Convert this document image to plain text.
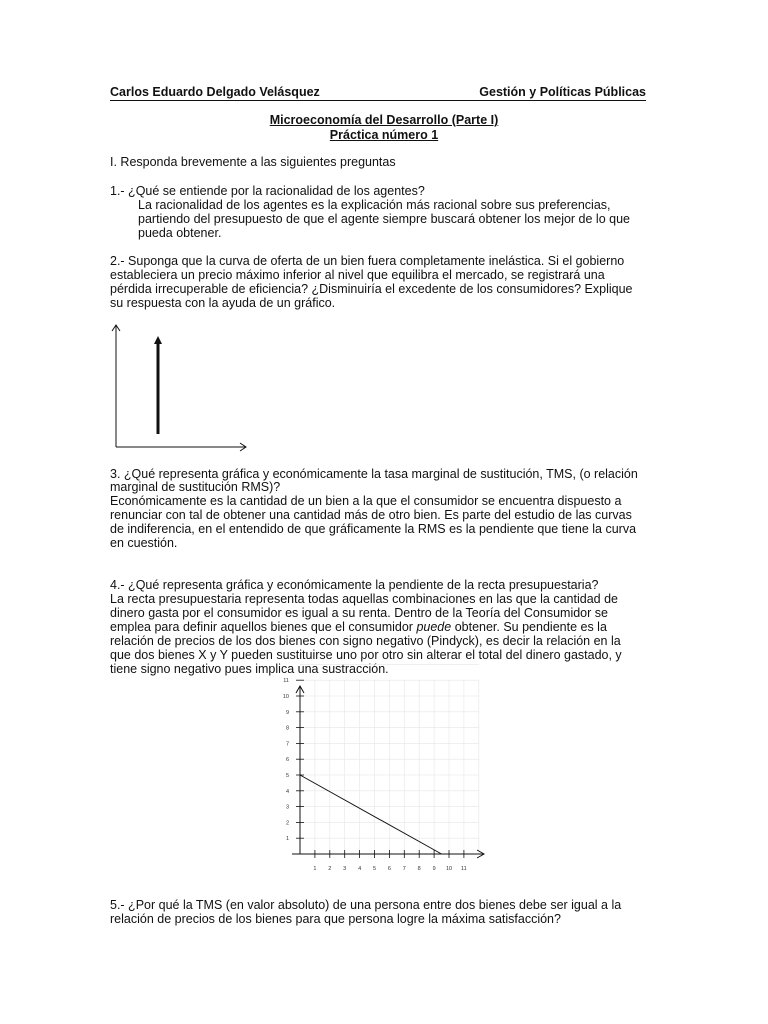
Carlos Eduardo Delgado Velásquez	Gestión y Políticas Públicas
Microeconomía del Desarrollo (Parte I)
Práctica número 1
I. Responda brevemente a las siguientes preguntas
1.- ¿Qué se entiende por la racionalidad de los agentes?
La racionalidad de los agentes es la explicación más racional sobre sus preferencias,
partiendo del presupuesto de que el agente siempre buscará obtener los mejor de lo que
pueda obtener.
2.- Suponga que la curva de oferta de un bien fuera completamente inelástica. Si el gobierno
estableciera un precio máximo inferior al nivel que equilibra el mercado, se registrará una
pérdida irrecuperable de eficiencia? ¿Disminuiría el excedente de los consumidores? Explique
su respuesta con la ayuda de un gráfico.
3. ¿Qué representa gráfica y económicamente la tasa marginal de sustitución, TMS, (o relación
marginal de sustitución RMS)?
Económicamente es la cantidad de un bien a la que el consumidor se encuentra dispuesto a
renunciar con tal de obtener una cantidad más de otro bien. Es parte del estudio de las curvas
de indiferencia, en el entendido de que gráficamente la RMS es la pendiente que tiene la curva
en cuestión.
4.- ¿Qué representa gráfica y económicamente la pendiente de la recta presupuestaria?
La recta presupuestaria representa todas aquellas combinaciones en las que la cantidad de
dinero gasta por el consumidor es igual a su renta. Dentro de la Teoría del Consumidor se
emplea para definir aquellos bienes que el consumidor puede obtener. Su pendiente es la
relación de precios de los dos bienes con signo negativo (Pindyck), es decir la relación en la
que dos bienes X y Y pueden sustituirse uno por otro sin alterar el total del dinero gastado, y
tiene signo negativo pues implica una sustracción.
1 2 3 4 5 6 7 8 9 10 11
1
2
3
4
5
6
7
8
9
10
11
5.- ¿Por qué la TMS (en valor absoluto) de una persona entre dos bienes debe ser igual a la
relación de precios de los bienes para que persona logre la máxima satisfacción?
